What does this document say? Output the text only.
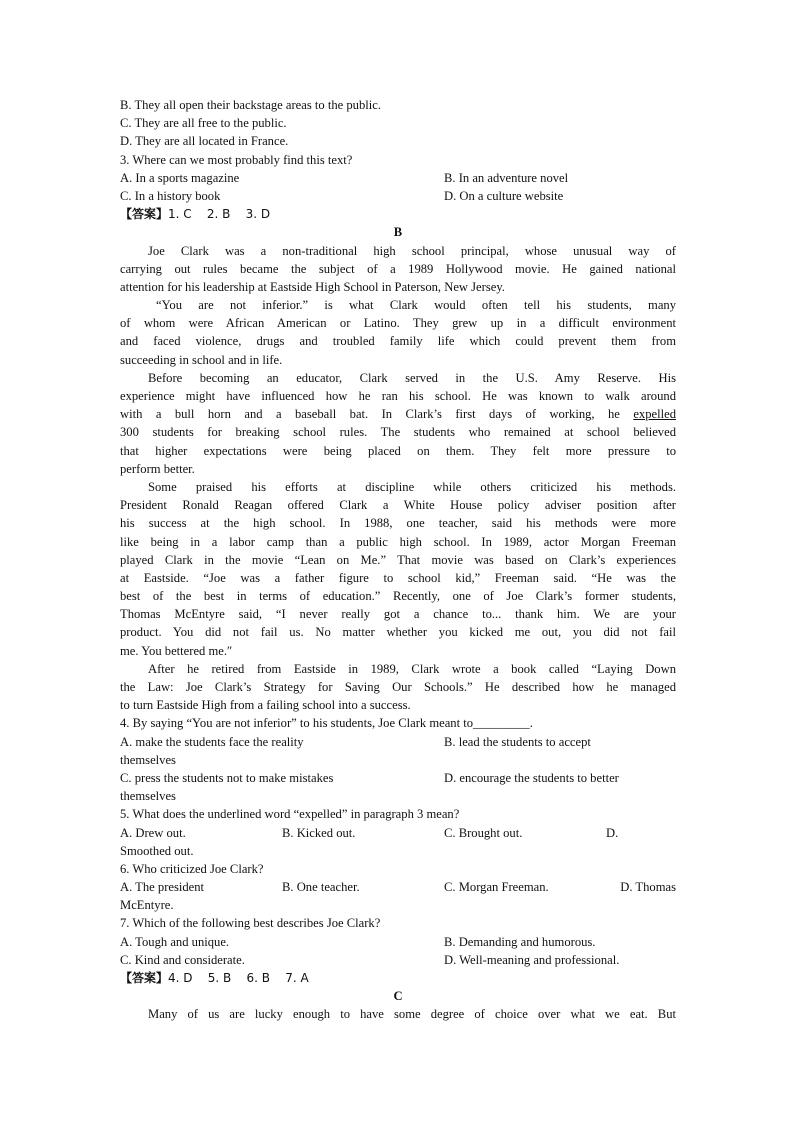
B. They all open their backstage areas to the public.
C. They are all free to the public.
D. They are all located in France.
3. Where can we most probably find this text?
A. In a sports magazine	B. In an adventure novel
C. In a history book	D. On a culture website
【答案】1. C    2. B    3. D
B
Joe Clark was a non-traditional high school principal, whose unusual way of
carrying out rules became the subject of a 1989 Hollywood movie. He gained national
attention for his leadership at Eastside High School in Paterson, New Jersey.
“You are not inferior.” is what Clark would often tell his students, many
of whom were African American or Latino. They grew up in a difficult environment
and faced violence, drugs and troubled family life which could prevent them from
succeeding in school and in life.
Before becoming an educator, Clark served in the U.S. Amy Reserve. His
experience might have influenced how he ran his school. He was known to walk around
with a bull horn and a baseball bat. In Clark’s first days of working, he expelled
300 students for breaking school rules. The students who remained at school believed
that higher expectations were being placed on them. They felt more pressure to
perform better.
Some praised his efforts at discipline while others criticized his methods.
President Ronald Reagan offered Clark a White House policy adviser position after
his success at the high school. In 1988, one teacher, said his methods were more
like being in a labor camp than a public high school. In 1989, actor Morgan Freeman
played Clark in the movie “Lean on Me.” That movie was based on Clark’s experiences
at Eastside. “Joe was a father figure to school kid,” Freeman said. “He was the
best of the best in terms of education.” Recently, one of Joe Clark’s former students,
Thomas McEntyre said, “I never really got a chance to... thank him. We are your
product. You did not fail us. No matter whether you kicked me out, you did not fail
me. You bettered me.″
After he retired from Eastside in 1989, Clark wrote a book called “Laying Down
the Law: Joe Clark’s Strategy for Saving Our Schools.” He described how he managed
to turn Eastside High from a failing school into a success.
4. By saying “You are not inferior” to his students, Joe Clark meant to_________.
A. make the students face the reality	B. lead the students to accept
themselves
C. press the students not to make mistakes	D. encourage the students to better
themselves
5. What does the underlined word “expelled” in paragraph 3 mean?
A. Drew out.	B. Kicked out.	C. Brought out.	D.
Smoothed out.
6. Who criticized Joe Clark?
A. The president	B. One teacher.	C. Morgan Freeman.	D. Thomas
McEntyre.
7. Which of the following best describes Joe Clark?
A. Tough and unique.	B. Demanding and humorous.
C. Kind and considerate.	D. Well-meaning and professional.
【答案】4. D    5. B    6. B    7. A
C
Many of us are lucky enough to have some degree of choice over what we eat. But
